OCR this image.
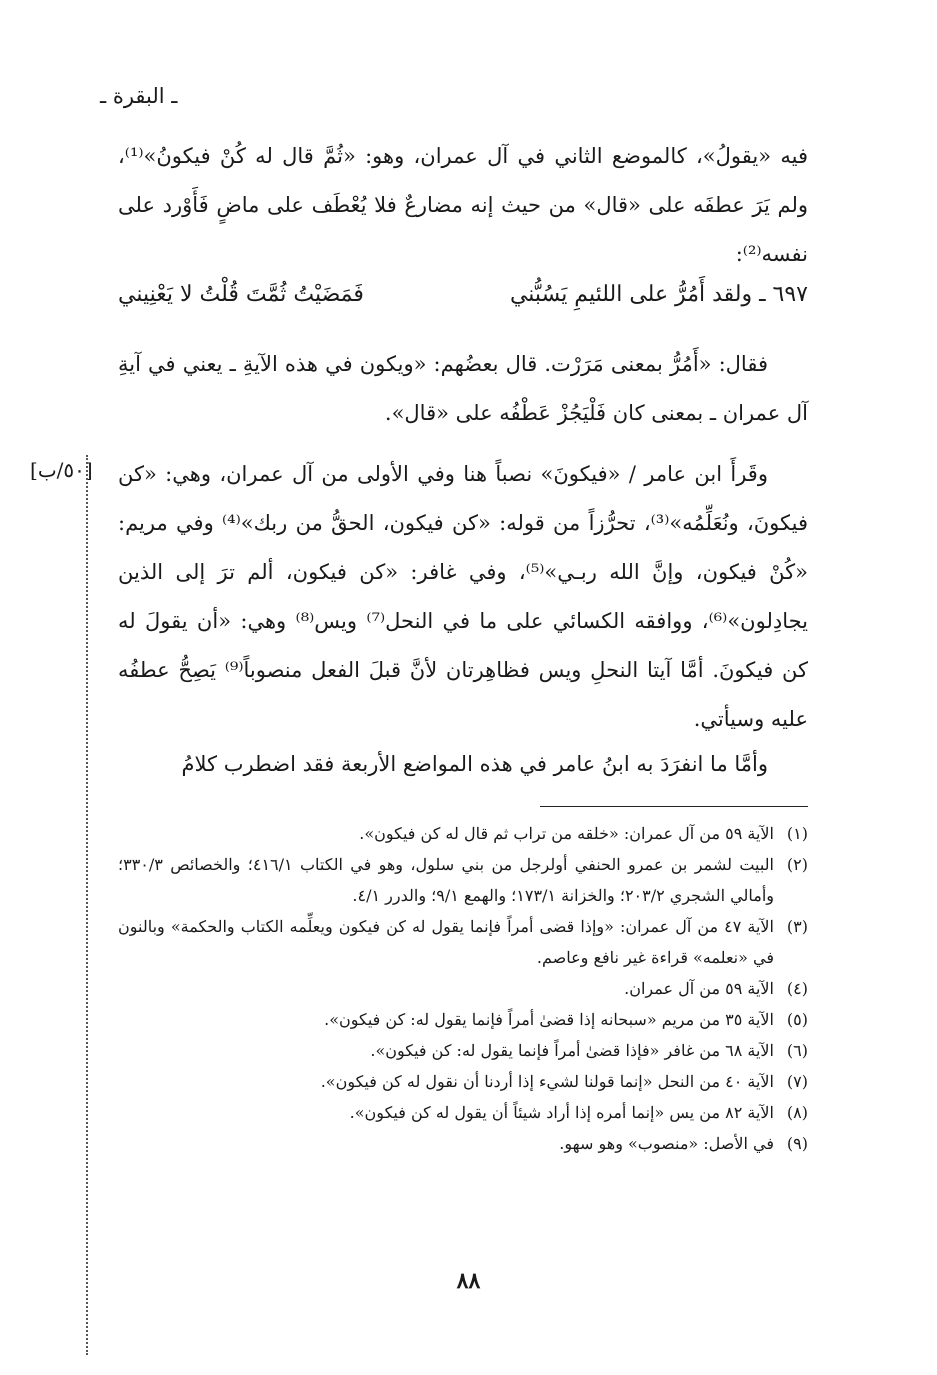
ـ البقرة ـ

فيه «يقولُ»، كالموضع الثاني في آل عمران، وهو: «ثُمَّ قال له كُنْ فيكونُ»⁽¹⁾، ولم يَرَ عطفَه على «قال» من حيث إنه مضارعٌ فلا يُعْطَف على ماضٍ فَأَوْرد على نفسه⁽²⁾:

٦٩٧ ـ ولقد أَمُرُّ على اللئيمِ يَسُبُّني
فَمَضَيْتُ ثُمَّتَ قُلْتُ لا يَعْنِيني

فقال: «أَمُرُّ بمعنى مَرَرْت. قال بعضُهم: «ويكون في هذه الآيةِ ـ يعني في آيةِ آل عمران ـ بمعنى كان فَلْيَجُزْ عَطْفُه على «قال».

[٥٠/ب] وقَرأَ ابن عامر / «فيكونَ» نصباً هنا وفي الأولى من آل عمران، وهي: «كن فيكونَ، ونُعَلِّمُه»⁽³⁾، تحرُّزاً من قوله: «كن فيكون، الحقُّ من ربك»⁽⁴⁾ وفي مريم: «كُنْ فيكون، وإنَّ الله ربـي»⁽⁵⁾، وفي غافر: «كن فيكون، ألم ترَ إلى الذين يجادِلون»⁽⁶⁾، ووافقه الكسائي على ما في النحل⁽⁷⁾ ويس⁽⁸⁾ وهي: «أن يقولَ له كن فيكونَ. أمَّا آيتا النحلِ ويس فظاهِرتان لأنَّ قبلَ الفعل منصوباً⁽⁹⁾ يَصِحُّ عطفُه عليه وسيأتي.

وأمَّا ما انفرَدَ به ابنُ عامر في هذه المواضع الأربعة فقد اضطرب كلامُ

(١)
الآية ٥٩ من آل عمران: «خلقه من تراب ثم قال له كن فيكون».

(٢)
البيت لشمر بن عمرو الحنفي أولرجل من بني سلول، وهو في الكتاب ٤١٦/١؛ والخصائص ٣٣٠/٣؛ وأمالي الشجري ٢٠٣/٢؛ والخزانة ١٧٣/١؛ والهمع ٩/١؛ والدرر ٤/١.

(٣)
الآية ٤٧ من آل عمران: «وإذا قضى أمراً فإنما يقول له كن فيكون ويعلِّمه الكتاب والحكمة» وبالنون في «نعلمه» قراءة غير نافع وعاصم.

(٤)
الآية ٥٩ من آل عمران.

(٥)
الآية ٣٥ من مريم «سبحانه إذا قضىٰ أمراً فإنما يقول له: كن فيكون».

(٦)
الآية ٦٨ من غافر «فإذا قضىٰ أمراً فإنما يقول له: كن فيكون».

(٧)
الآية ٤٠ من النحل «إنما قولنا لشيء إذا أردنا أن نقول له كن فيكون».

(٨)
الآية ٨٢ من يس «إنما أمره إذا أراد شيئاً أن يقول له كن فيكون».

(٩)
في الأصل: «منصوب» وهو سهو.

٨٨
